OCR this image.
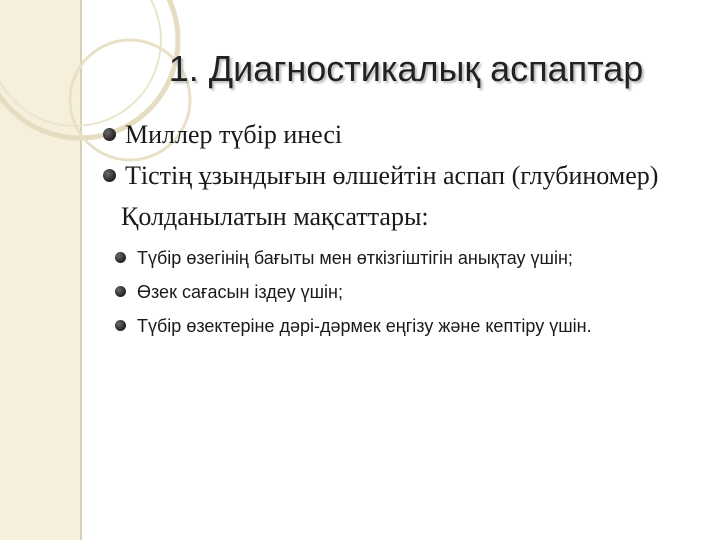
1. Диагностикалық аспаптар
Миллер түбір инесі
Тістің ұзындығын өлшейтін аспап (глубиномер)
Қолданылатын мақсаттары:
Түбір өзегінің бағыты мен өткізгіштігін анықтау үшін;
Өзек сағасын іздеу үшін;
Түбір өзектеріне дәрі-дәрмек еңгізу және кептіру үшін.
